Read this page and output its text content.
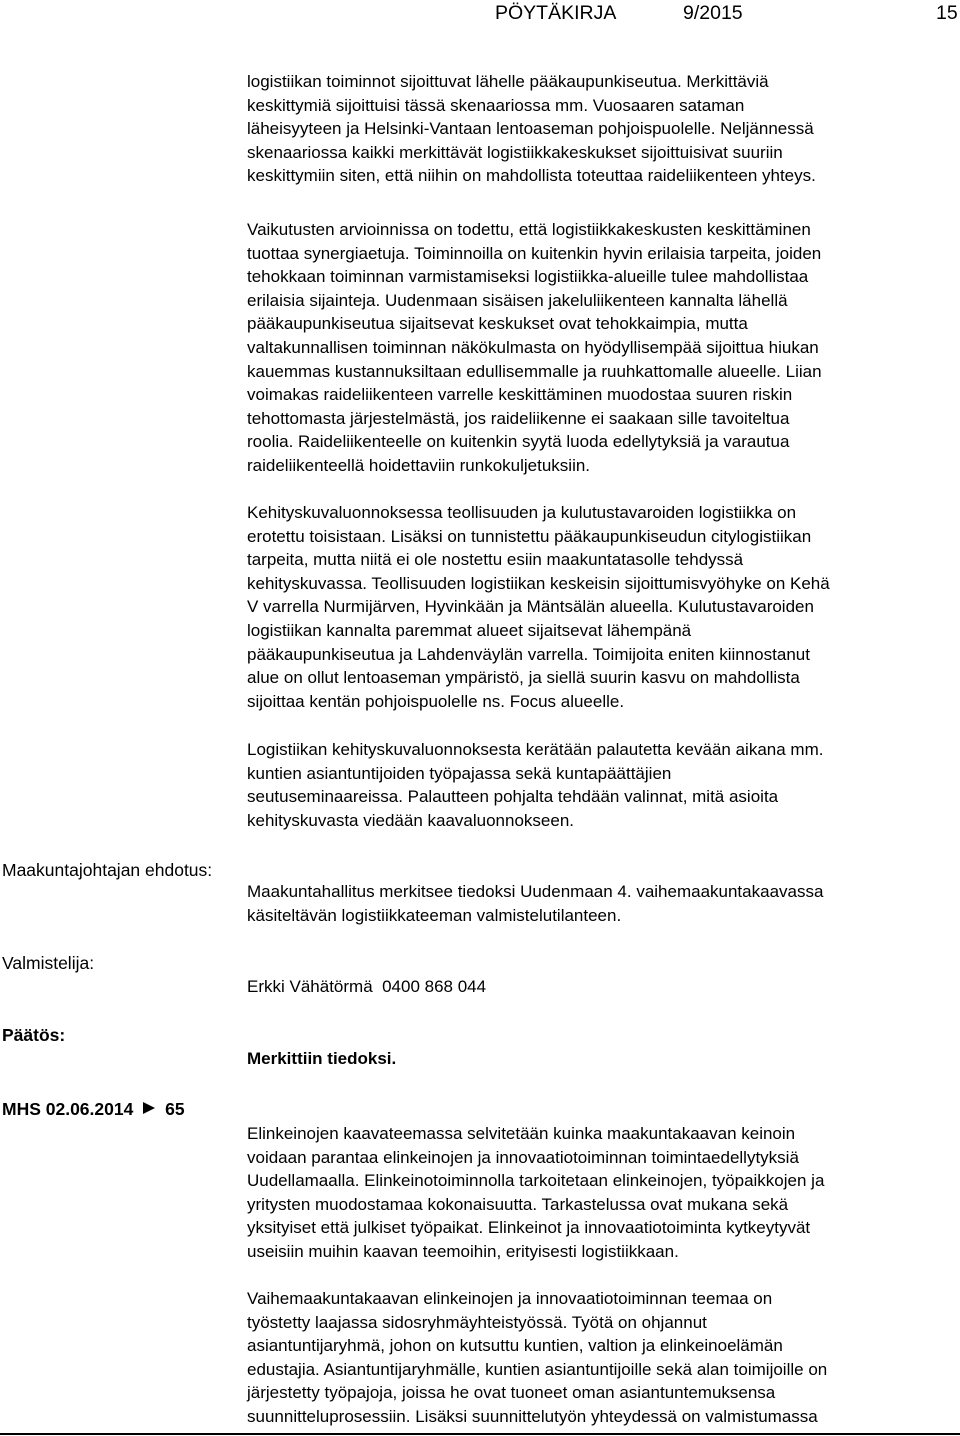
PÖYTÄKIRJA	9/2015	15

logistiikan toiminnot sijoittuvat lähelle pääkaupunkiseutua. Merkittäviä
keskittymiä sijoittuisi tässä skenaariossa mm. Vuosaaren sataman
läheisyyteen ja Helsinki-Vantaan lentoaseman pohjoispuolelle. Neljännessä
skenaariossa kaikki merkittävät logistiikkakeskukset sijoittuisivat suuriin
keskittymiin siten, että niihin on mahdollista toteuttaa raideliikenteen yhteys.

Vaikutusten arvioinnissa on todettu, että logistiikkakeskusten keskittäminen
tuottaa synergiaetuja. Toiminnoilla on kuitenkin hyvin erilaisia tarpeita, joiden
tehokkaan toiminnan varmistamiseksi logistiikka-alueille tulee mahdollistaa
erilaisia sijainteja. Uudenmaan sisäisen jakeluliikenteen kannalta lähellä
pääkaupunkiseutua sijaitsevat keskukset ovat tehokkaimpia, mutta
valtakunnallisen toiminnan näkökulmasta on hyödyllisempää sijoittua hiukan
kauemmas kustannuksiltaan edullisemmalle ja ruuhkattomalle alueelle. Liian
voimakas raideliikenteen varrelle keskittäminen muodostaa suuren riskin
tehottomasta järjestelmästä, jos raideliikenne ei saakaan sille tavoiteltua
roolia. Raideliikenteelle on kuitenkin syytä luoda edellytyksiä ja varautua
raideliikenteellä hoidettaviin runkokuljetuksiin.

Kehityskuvaluonnoksessa teollisuuden ja kulutustavaroiden logistiikka on
erotettu toisistaan. Lisäksi on tunnistettu pääkaupunkiseudun citylogistiikan
tarpeita, mutta niitä ei ole nostettu esiin maakuntatasolle tehdyssä
kehityskuvassa. Teollisuuden logistiikan keskeisin sijoittumisvyöhyke on Kehä
V varrella Nurmijärven, Hyvinkään ja Mäntsälän alueella. Kulutustavaroiden
logistiikan kannalta paremmat alueet sijaitsevat lähempänä
pääkaupunkiseutua ja Lahdenväylän varrella. Toimijoita eniten kiinnostanut
alue on ollut lentoaseman ympäristö, ja siellä suurin kasvu on mahdollista
sijoittaa kentän pohjoispuolelle ns. Focus alueelle.

Logistiikan kehityskuvaluonnoksesta kerätään palautetta kevään aikana mm.
kuntien asiantuntijoiden työpajassa sekä kuntapäättäjien
seutuseminaareissa. Palautteen pohjalta tehdään valinnat, mitä asioita
kehityskuvasta viedään kaavaluonnokseen.

Maakuntajohtajan ehdotus:

Maakuntahallitus merkitsee tiedoksi Uudenmaan 4. vaihemaakuntakaavassa
käsiteltävän logistiikkateeman valmistelutilanteen.

Valmistelija:

Erkki Vähätörmä  0400 868 044

Päätös:

Merkittiin tiedoksi.

MHS 02.06.2014 65

Elinkeinojen kaavateemassa selvitetään kuinka maakuntakaavan keinoin
voidaan parantaa elinkeinojen ja innovaatiotoiminnan toimintaedellytyksiä
Uudellamaalla. Elinkeinotoiminnolla tarkoitetaan elinkeinojen, työpaikkojen ja
yritysten muodostamaa kokonaisuutta. Tarkastelussa ovat mukana sekä
yksityiset että julkiset työpaikat. Elinkeinot ja innovaatiotoiminta kytkeytyvät
useisiin muihin kaavan teemoihin, erityisesti logistiikkaan.

Vaihemaakuntakaavan elinkeinojen ja innovaatiotoiminnan teemaa on
työstetty laajassa sidosryhmäyhteistyössä. Työtä on ohjannut
asiantuntijaryhmä, johon on kutsuttu kuntien, valtion ja elinkeinoelämän
edustajia. Asiantuntijaryhmälle, kuntien asiantuntijoille sekä alan toimijoille on
järjestetty työpajoja, joissa he ovat tuoneet oman asiantuntemuksensa
suunnitteluprosessiin. Lisäksi suunnittelutyön yhteydessä on valmistumassa
